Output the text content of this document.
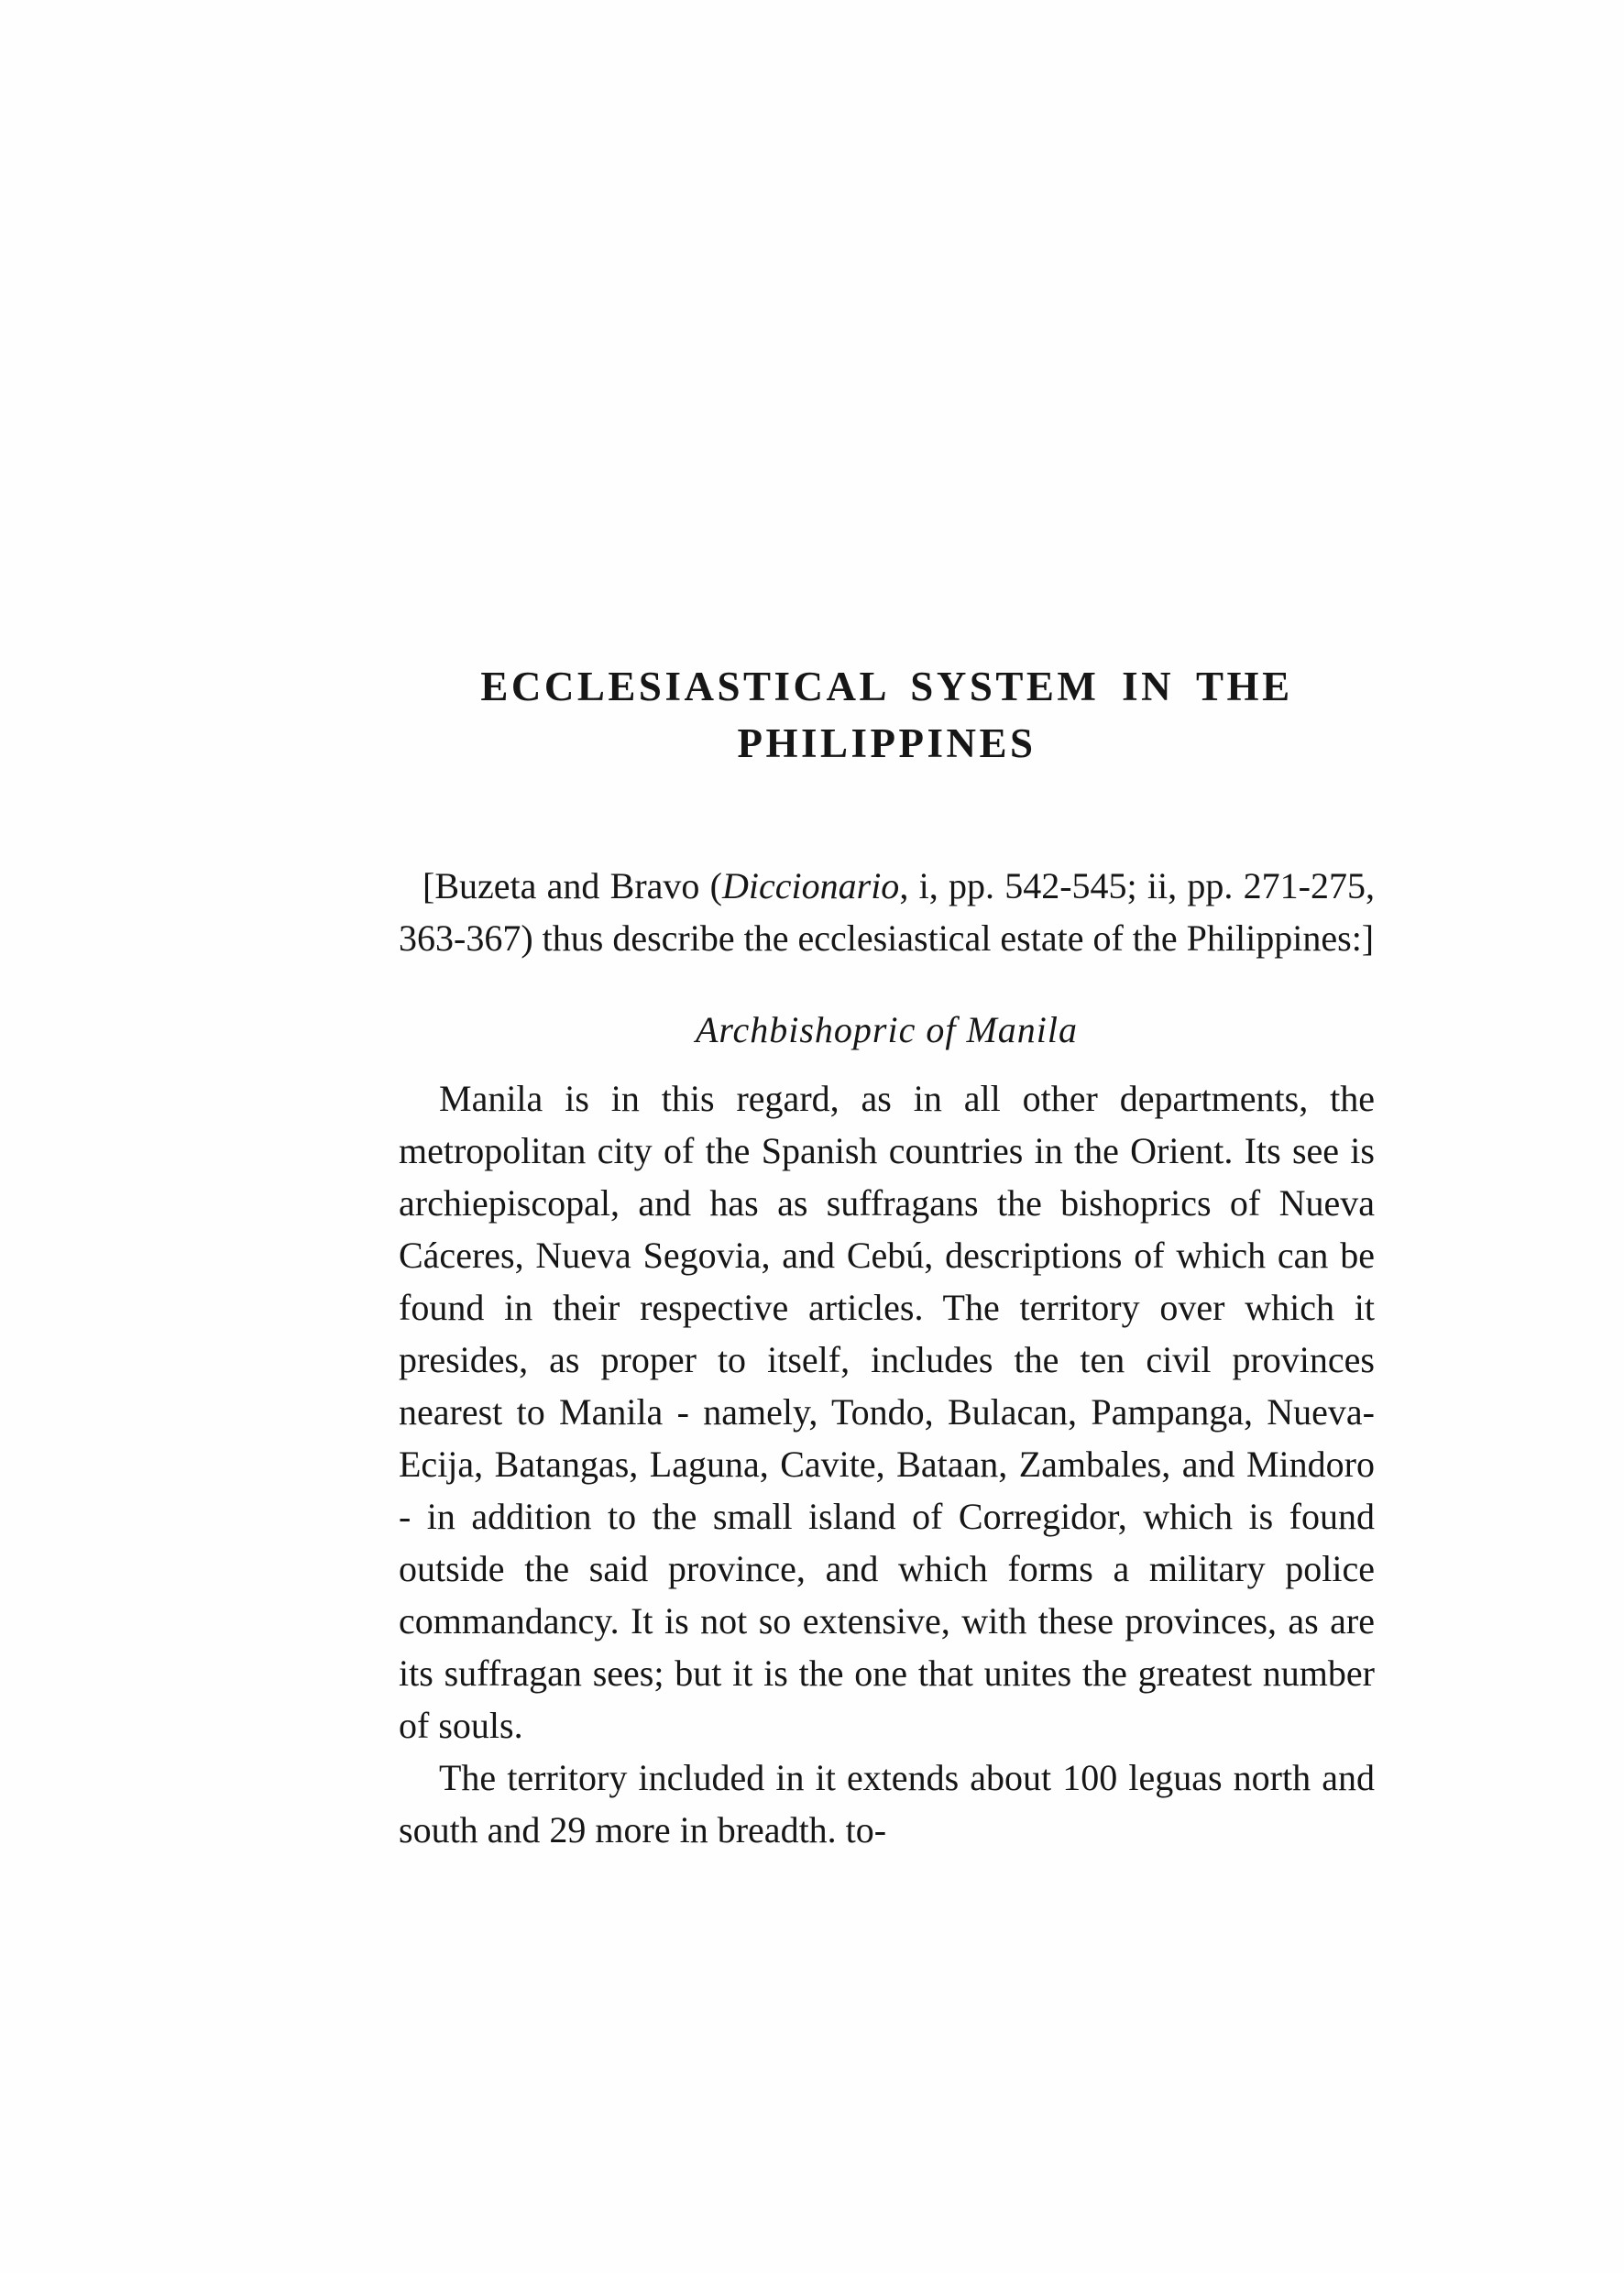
ECCLESIASTICAL SYSTEM IN THE
PHILIPPINES

[Buzeta and Bravo (Diccionario, i, pp. 542-545; ii, pp. 271-275, 363-367) thus describe the ecclesiastical estate of the Philippines:]

Archbishopric of Manila

Manila is in this regard, as in all other departments, the metropolitan city of the Spanish countries in the Orient. Its see is archiepiscopal, and has as suffragans the bishoprics of Nueva Cáceres, Nueva Segovia, and Cebú, descriptions of which can be found in their respective articles. The territory over which it presides, as proper to itself, includes the ten civil provinces nearest to Manila - namely, Tondo, Bulacan, Pampanga, Nueva-Ecija, Batangas, Laguna, Cavite, Bataan, Zambales, and Mindoro - in addition to the small island of Corregidor, which is found outside the said province, and which forms a military police commandancy. It is not so extensive, with these provinces, as are its suffragan sees; but it is the one that unites the greatest number of souls.

The territory included in it extends about 100 leguas north and south and 29 more in breadth. to-
